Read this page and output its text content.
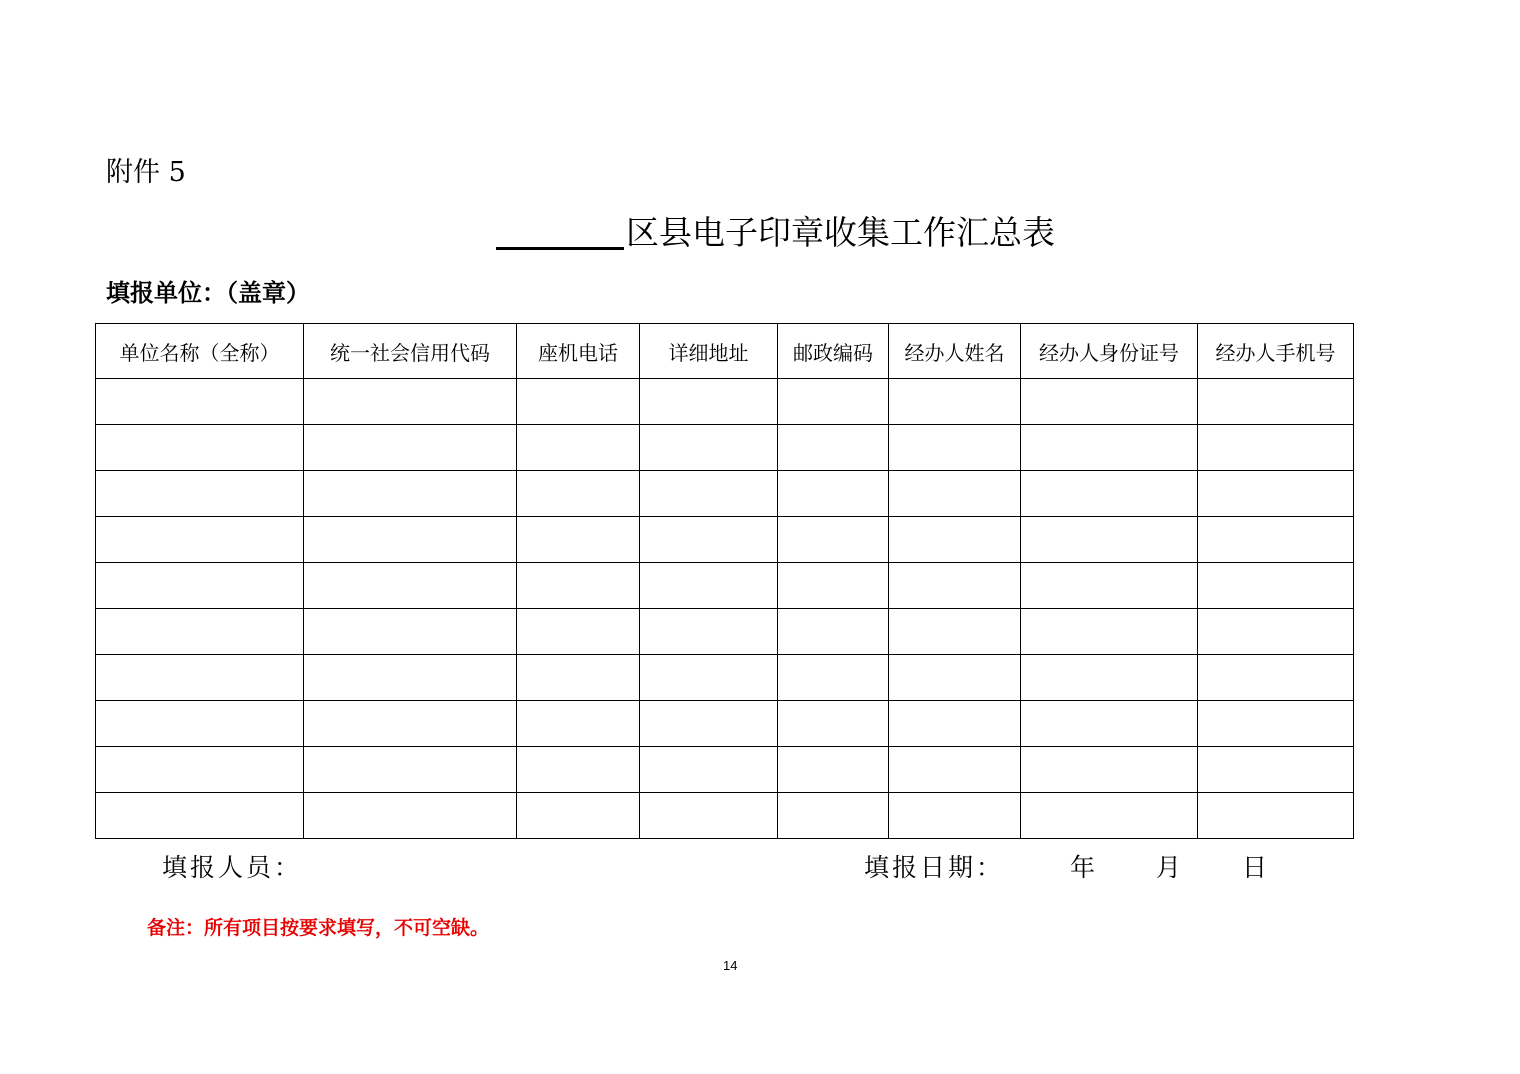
附件 5
区县电子印章收集工作汇总表
填报单位：（盖章）
单位名称（全称）	统一社会信用代码	座机电话	详细地址	邮政编码	经办人姓名	经办人身份证号	经办人手机号

填报人员：	填报日期：	年 月 日
备注：所有项目按要求填写，不可空缺。
14
